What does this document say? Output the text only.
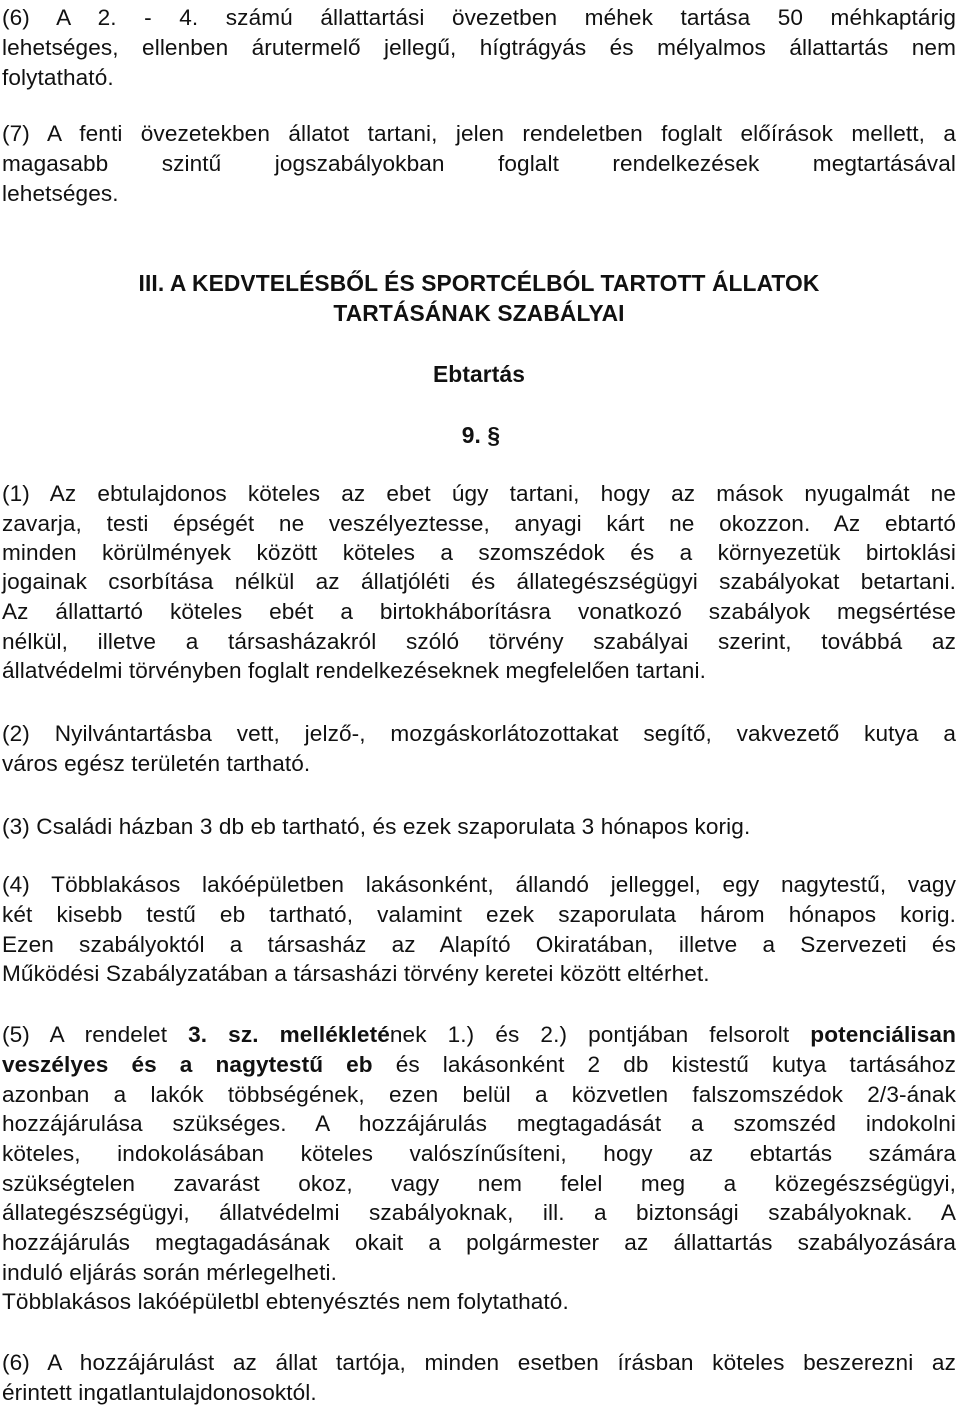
(6) A 2. - 4. számú állattartási övezetben méhek tartása 50 méhkaptárig
lehetséges, ellenben árutermelő jellegű, hígtrágyás és mélyalmos állattartás nem
folytatható.
(7) A fenti övezetekben állatot tartani, jelen rendeletben foglalt előírások mellett, a
magasabb szintű jogszabályokban foglalt rendelkezések megtartásával
lehetséges.
III. A KEDVTELÉSBŐL ÉS SPORTCÉLBÓL TARTOTT ÁLLATOK
TARTÁSÁNAK SZABÁLYAI
Ebtartás
9. §
(1) Az ebtulajdonos köteles az ebet úgy tartani, hogy az mások nyugalmát ne
zavarja, testi épségét ne veszélyeztesse, anyagi kárt ne okozzon. Az ebtartó
minden körülmények között köteles a szomszédok és a környezetük birtoklási
jogainak csorbítása nélkül az állatjóléti és állategészségügyi szabályokat betartani.
Az állattartó köteles ebét a birtokháborításra vonatkozó szabályok megsértése
nélkül, illetve a társasházakról szóló törvény szabályai szerint, továbbá az
állatvédelmi törvényben foglalt rendelkezéseknek megfelelően tartani.
(2) Nyilvántartásba vett, jelző-, mozgáskorlátozottakat segítő, vakvezető kutya a
város egész területén tartható.
(3) Családi házban 3 db eb tartható, és ezek szaporulata 3 hónapos korig.
(4) Többlakásos lakóépületben lakásonként, állandó jelleggel, egy nagytestű, vagy
két kisebb testű eb tartható, valamint ezek szaporulata három hónapos korig.
Ezen szabályoktól a társasház az Alapító Okiratában, illetve a Szervezeti és
Működési Szabályzatában a társasházi törvény keretei között eltérhet.
(5) A rendelet 3. sz. mellékletének 1.) és 2.) pontjában felsorolt potenciálisan
veszélyes és a nagytestű eb és lakásonként 2 db kistestű kutya tartásához
azonban a lakók többségének, ezen belül a közvetlen falszomszédok 2/3-ának
hozzájárulása szükséges. A hozzájárulás megtagadását a szomszéd indokolni
köteles, indokolásában köteles valószínűsíteni, hogy az ebtartás számára
szükségtelen zavarást okoz, vagy nem felel meg a közegészségügyi,
állategészségügyi, állatvédelmi szabályoknak, ill. a biztonsági szabályoknak. A
hozzájárulás megtagadásának okait a polgármester az állattartás szabályozására
induló eljárás során mérlegelheti.
Többlakásos lakóépületbl ebtenyésztés nem folytatható.
(6) A hozzájárulást az állat tartója, minden esetben írásban köteles beszerezni az
érintett ingatlantulajdonosoktól.
